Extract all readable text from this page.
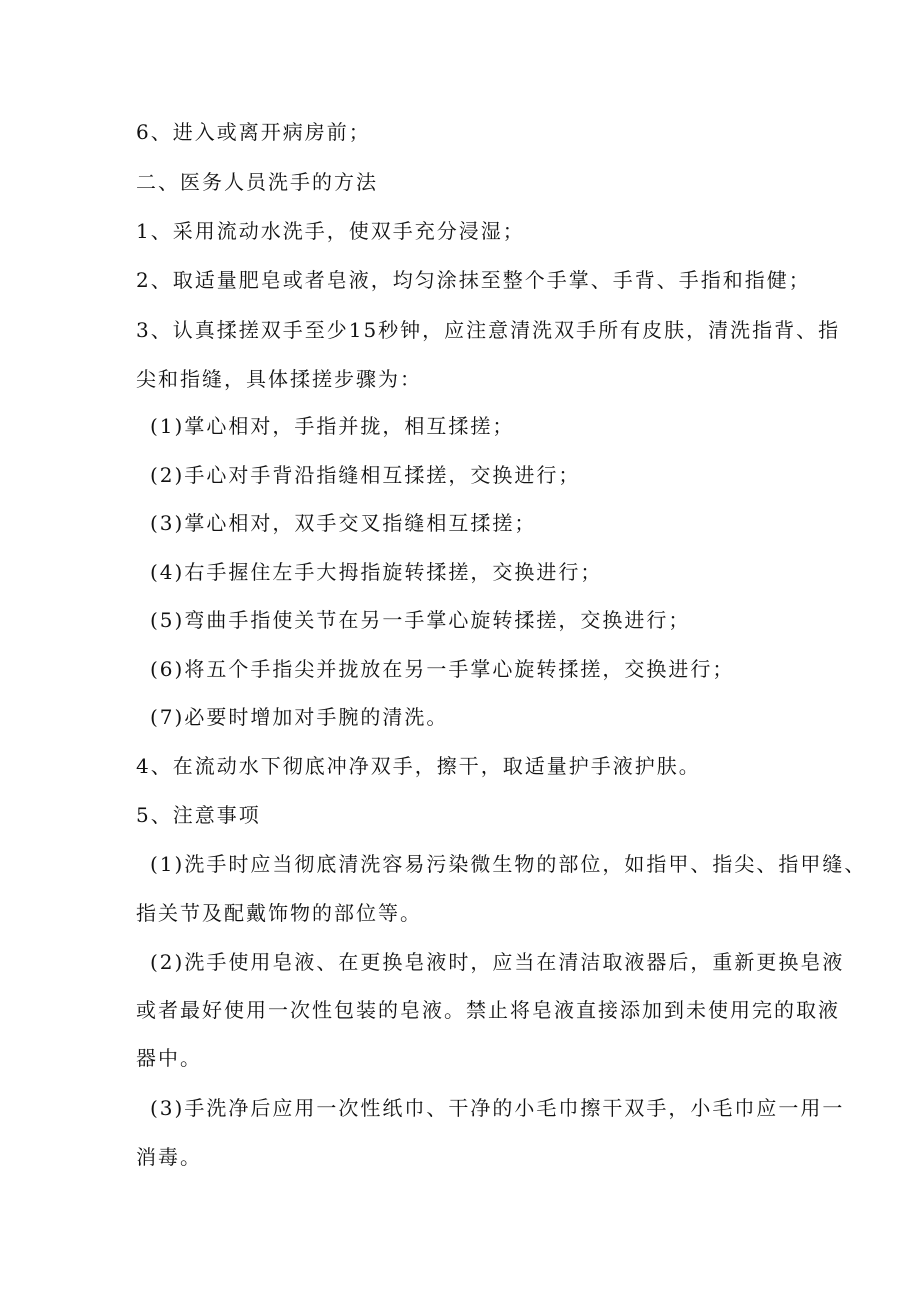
6、进入或离开病房前；
二、医务人员洗手的方法
1、采用流动水洗手，使双手充分浸湿；
2、取适量肥皂或者皂液，均匀涂抹至整个手掌、手背、手指和指健；
3、认真揉搓双手至少15秒钟，应注意清洗双手所有皮肤，清洗指背、指
尖和指缝，具体揉搓步骤为：
(1)掌心相对，手指并拢，相互揉搓；
(2)手心对手背沿指缝相互揉搓，交换进行；
(3)掌心相对，双手交叉指缝相互揉搓；
(4)右手握住左手大拇指旋转揉搓，交换进行；
(5)弯曲手指使关节在另一手掌心旋转揉搓，交换进行；
(6)将五个手指尖并拢放在另一手掌心旋转揉搓，交换进行；
(7)必要时增加对手腕的清洗。
4、在流动水下彻底冲净双手，擦干，取适量护手液护肤。
5、注意事项
(1)洗手时应当彻底清洗容易污染微生物的部位，如指甲、指尖、指甲缝、
指关节及配戴饰物的部位等。
(2)洗手使用皂液、在更换皂液时，应当在清洁取液器后，重新更换皂液
或者最好使用一次性包装的皂液。禁止将皂液直接添加到未使用完的取液
器中。
(3)手洗净后应用一次性纸巾、干净的小毛巾擦干双手，小毛巾应一用一
消毒。
